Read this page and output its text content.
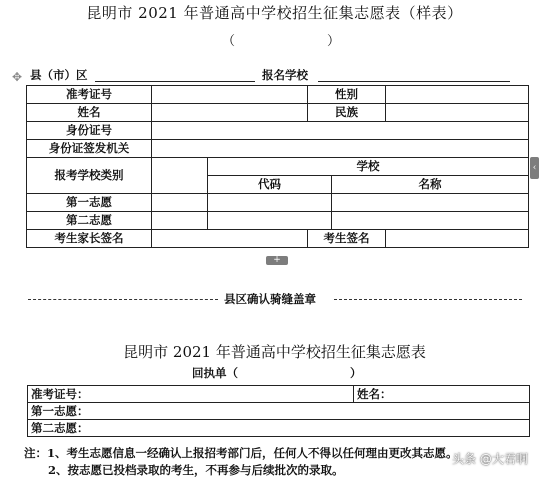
昆明市 2021 年普通高中学校招生征集志愿表（样表）
（	）
✥ 县（市）区	报名学校
准考证号			性别		
姓名			民族		
身份证号					
身份证签发机关					
报考学校类别		学校			
		代码		名称	
第一志愿					
第二志愿					
考生家长签名			考生签名		
‹
+
县区确认骑缝盖章
昆明市 2021 年普通高中学校招生征集志愿表
回执单（	）
准考证号：	姓名：
第一志愿：
第二志愿：
注：1、考生志愿信息一经确认上报招考部门后，任何人不得以任何理由更改其志愿。
2、按志愿已投档录取的考生，不再参与后续批次的录取。
头条 @大君啊
